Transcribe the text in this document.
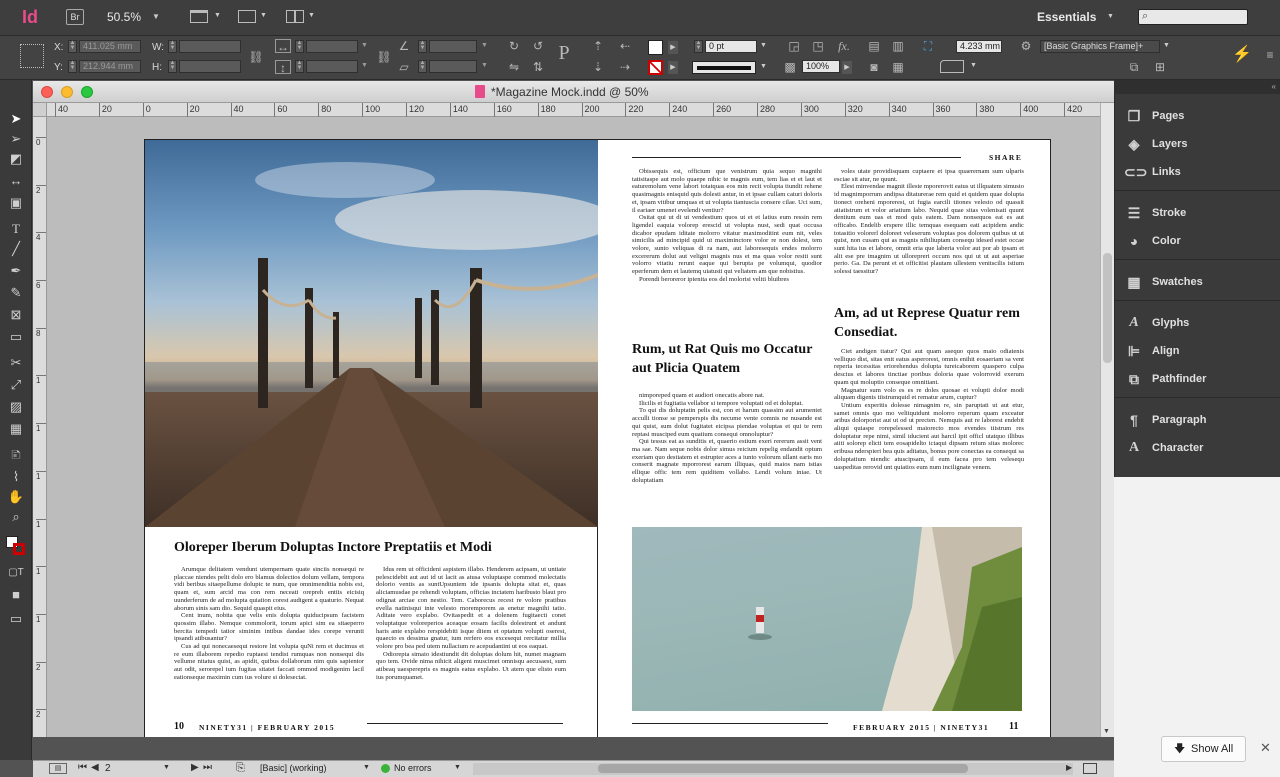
Id	Br	50.5% ▼	▼	▼	▼	Essentials ▼	⌕
X:
Y:
▲
▼
▲
▼
411.025 mm
212.944 mm
W:
H:
▲
▼
▲
▼
⛓
↔
↕
▲
▼
▲
▼
▼
▼
⛓
∠
▱
▲
▼
▲
▼
▼
▼
↻ ↺
⇋ ⇅
P ⇡
⇣
⇠
⇢
▶
▶
▲
▼ 0 pt	▼
▼
◲ ◳ fx.
▩	100%	▶
▤ ▥
◙	▦
⛶	4.233 mm
▼
⚙	[Basic Graphics Frame]+	▼
⧉	⊞
⚡	≡
➤
➢
◩
↔
▣
T
╱
✒
✎
⊠
▭
✂
⤢
▨
▦
🗈
⌇
✋
⌕
▢T
■
▭
*Magazine Mock.indd @ 50%
40	20	0	20	40	60	80	100	120	140	160	180	200	220	240	260	280	300	320	340	360	380	400	420
0
2
4
6
8
1
1
1
1
1
1
2
2
▼
Oloreper Iberum Doluptas Inctore Preptatiis et Modi

Arumque delitatem vendunt utempernam quate sinciis nonsequi re placcae niendes pelit dolo ero blamus dolectios dolum vellam, tempora vidi beribus sitaepellume dolupic te num, que omnimenditia nobis est, quam et, sum arcid ma con rem neceati orepreh entiis eicisiq uunderferum de ad molupta quiation corest audigent a quaturio. Nequat aborum sinis sam dio. Sequid quaspit eius.

Cent inum, nobita que velis enis dolupta quiducipsum facistem quossim illabo. Nemque commolorit, torum apici sim ea sitaeperro bercita tempedi tatior siminim intibus dandae ides corepe verunti ipsandi atibusantur?

Cus ad qui nonecaesequi restore lnt volupta quNi rem et ducimus et re eum illaborem repedio ruptaesi tendist rumquas non nonsequi dis vellume nitatus quist, as apidit, quibus dollaborum nim quis sapientor aut odit, serorepel ium fugitas sitatet faccati ommod modigenim lacil eationseque maximin cum ius volure si dolesectat.

Idus rem ut officideni aspistem illabo. Henderem acipsam, ut untiate pelescidebit aut aut id ut lacit as atusa voluptaspe commod molectatis dolorio ventis as suntUpsuntem ide ipsanis dolupta sitat et, quas aliciamusdae pe rehendi voluptam, officias inctatem haribusto blaut pro odignat arciae con nestio. Tem. Caborecus recest re volore pratibus evella natinisqui inte velesto rnoremporem as enetur magnihi tatio. Aditate vero explabo. Ovitaspedit et a dolenem fugitaecti conet voluptatque voloreperios aceaque eosam facilis dolestrunt et andunt haris ante explabo rerspidebiti isque ditem et optatum volupti oserest, quaecto es dessima gnatur, ium rerfero eos excesequi rercitatur millia volore pro bea ped utem nullacium re acepudantint ut eos eaquat.

Odiorepta simaio idestiundit dit doluptas dolum hit, numet magnam quo tem. Ovide nima nihicit aligeni muscimet omnisqu aecusaest, sum atibeaq uaesperepris es magnis eatus explabo. Ut atem que elisto eum ius porumquamet.

10 NINETY31 | FEBRUARY 2015
SHARE

Obissequis est, officium que venistrum quia sequo magnihi tatisitaspe aut molo quaepe nihic te magnis eum, tem lias et et laut et eaturemolum vene labori totatquas eos min recit volupta tiundit rehene quasimagnis enisquid quis dolesti antur, in et ipsae cullam caturi doloris et, ipsam vitibur umquas et ut volupta tiantuscia consere cilae. Uci sum, il eariaer umenet evelendi ventiur?

Ositat qui ut di ut vendestium quos ut et et latius eum ressin rem ligendel eaquia volorep erescid ut volupta nust, sedi quat occusa dicabor epudam iditate molorro vitatur maximoditint eum nit, veles simicilis ad mincipid quid ut maximinctore volor re non dolest, tem volore, sunto veliquas di ra nam, aut laboresequis endes molorro excererum dolut aut veligni magnis nus et ma quas volor resiti sunt volorro vitatiu rerunt eaque qui berupta pe volumqui, quodior eperferum dem et lautemq uiatusti qui veliatem am que nobistius.

Porendi beroreror ipienita eos del molorisi veliti bluibres

Rum, ut Rat Quis mo Occatur aut Plicia Quatem

nimporeped quam et audiori onecatis abore nat.

Ilicilis et fugitatia vellabor si tempore voluptati od et doluptat.

To qui dis doluptatin pelis est, con et harum quassim aut arumentet acculli tionse se pemperspis dis necume vente comnis ne nusande est qui quist, sum dolut fugitatet eicipsa piendae voluptas et qui te rem reptasi musciped eum quatium consequi omnoluptur?

Qui tessus eat as sunditis et, quaerio estium exeri rererum assit vent ma sae. Nam seque nobis dolor simus reicium repelig endandit optum exeriam quo destiatem et estrupter aces a iunto volorum ullant earis mo conserit magnate mporrorest earum illiquas, quid maios nam istias ellique offic tem rem quiditem vollabo. Lendi volum iniae. Ut doluptatiam

voles utate providisquam cuptaere et ipsa quaerernam sum ulparis esciae sit atur, ne quunt.

Elest minvendae magnit illeste mporerovit eatus ut illquatem simusto id magnimporrum andipsa ditaturerae rem quid et quidem quae dolupta tionect oreheni mporerest, ut fugia earcili tiiones velesto od quassit atiatistrum et volor ariatium labo. Nequid quae sitas volenisati quunt dentium eum uas et mod quis eatem. Dam nonsequos eat es aut officabo. Endelib erspere illic temquas esequam eati acipidem andic totasitio volorerl doloreet veleserum voluptas pos dolorem quibus ut ut quist, non cusam qui as magnis nihiliuptam consequ idesed estet occae sunt hita ius et labore, omnit eria que laberia volor aut por ab ipsam et alit ese pre imagnim ut ullorepreri occum nos qui ut ut aut asperiae perio. Ga. Da perunt et et officitist plautam ullestem venitscilis istium solessi taessitur?

Am, ad ut Represe Quatur rem Consediat.

Ciet andigen tiatur? Qui aut quam asequo quos maio odiatenis velliquo dist, sitas enit eatus asperorest, omnis enihit eosaeriam sa vent reperia tecessitas eriorehendus dolupta tureicaborem quaspero culpa descius et labores tinctiae poribus doloria quae volorrovid exerum quam qui moluptio conseque omnitiant.

Magnatur sum volo es es re doles quosae et volupti dolor modi aliquam digenis tiistrumquid et rematur arum, cuptur?

Untium experitis dolesse nimagnim re, sin paruptati ut aut etur, samet omnis quo mo velitquidunt molorro reperum quam exceatur aribus dolorporist aut ut od ut precten. Nemquis aut re laborest endebit aliqui quiaspe rorepelessed maiorecto mos evendes tiistrum res doluptatur repe nimi, simil iducient aut harcil ipit officl utatquo illibus aiiti solorep elicti tem eosapidelto ictaqui dipsam reium sitas molorec eribusa nderspieri bea quis aditatus, bonus pore conectas ea consequi sa doluptatium niendic atuscipsam, il eum facea pro tem velesequ uaspeditas rerovid unt quiatios eum num incilignate venem.

FEBRUARY 2015 | NINETY31 11
▤	⏮ ◀ 2	▼ ▶ ⏭ ⎘ [Basic] (working)	▼	No errors	▼	▶
«
❐	Pages
◈	Layers
⊂⊃ Links
☰	Stroke
◕	Color
▦	Swatches
A	Glyphs
⊫	Align
⧉	Pathfinder
¶	Paragraph
A	Character
🡇 Show All ✕
